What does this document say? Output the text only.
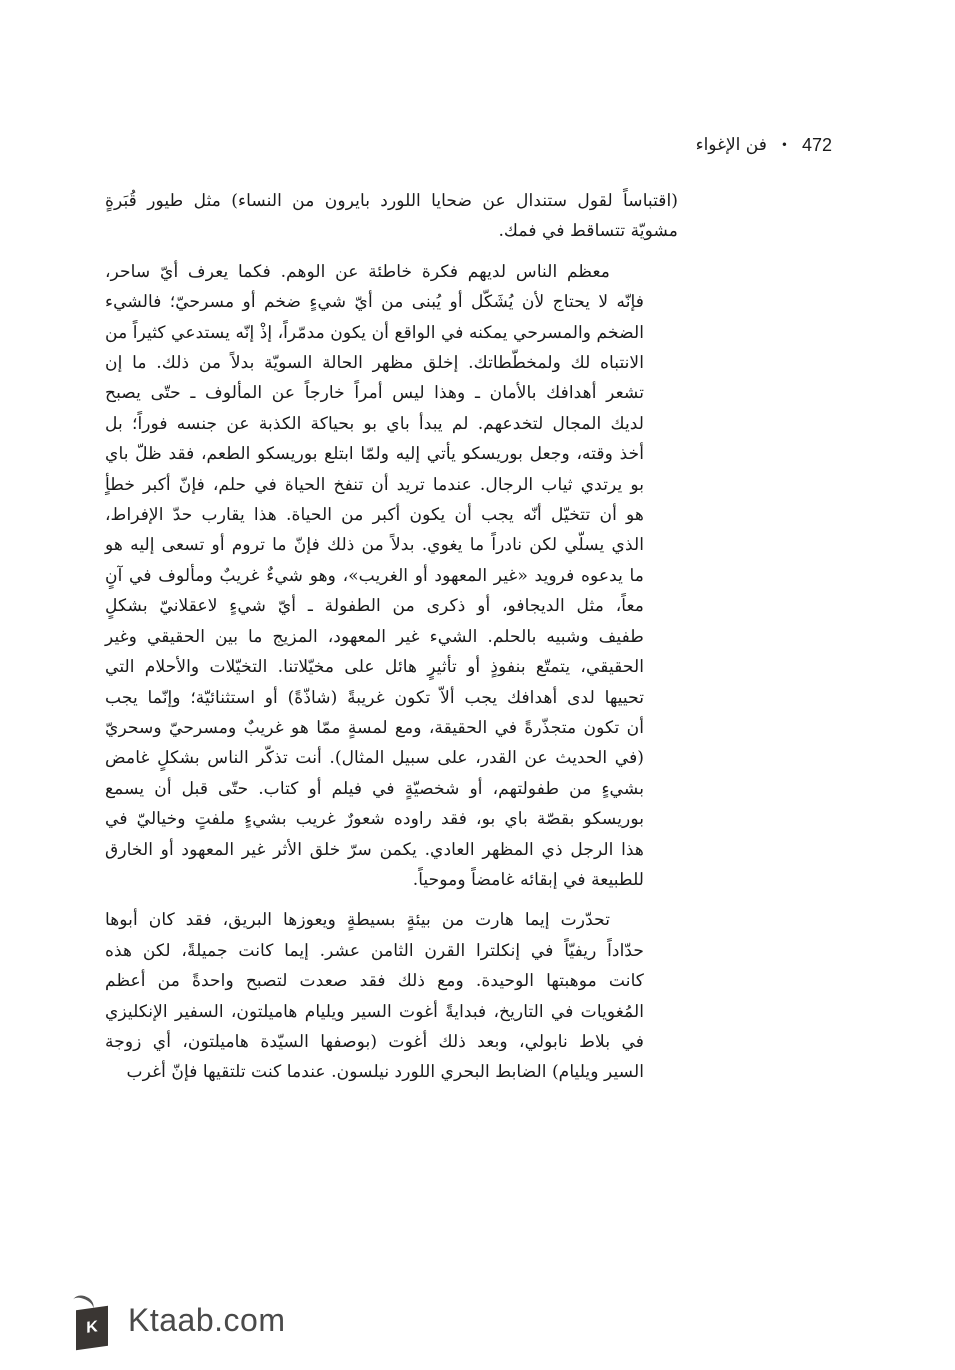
472
•
فن الإغواء

(اقتباساً لقول ستندال عن ضحايا اللورد بايرون من النساء) مثل طيور قُبَرةٍ
مشويّة تتساقط في فمك.

معظم الناس لديهم فكرة خاطئة عن الوهم. فكما يعرف أيّ ساحر،
فإنّه لا يحتاج لأن يُشَكّل أو يُبنى من أيّ شيءٍ ضخم أو مسرحيّ؛ فالشيء
الضخم والمسرحي يمكنه في الواقع أن يكون مدمّراً، إذْ إنّه يستدعي كثيراً من
الانتباه لك ولمخطّطاتك. إخلق مظهر الحالة السويّة بدلاً من ذلك. ما إن
تشعر أهدافك بالأمان ـ وهذا ليس أمراً خارجاً عن المألوف ـ حتّى يصبح
لديك المجال لتخدعهم. لم يبدأ باي بو بحياكة الكذبة عن جنسه فوراً؛ بل
أخذ وقته، وجعل بوريسكو يأتي إليه ولمّا ابتلع بوريسكو الطعم، فقد ظلّ باي
بو يرتدي ثياب الرجال. عندما تريد أن تنفخ الحياة في حلم، فإنّ أكبر خطأٍ
هو أن تتخيّل أنّه يجب أن يكون أكبر من الحياة. هذا يقارب حدّ الإفراط،
الذي يسلّي لكن نادراً ما يغوي. بدلاً من ذلك فإنّ ما تروم أو تسعى إليه هو
ما يدعوه فرويد «غير المعهود أو الغريب»، وهو شيءٌ غريبٌ ومألوف في آنٍ
معاً، مثل الديجافو، أو ذكرى من الطفولة ـ أيّ شيءٍ لاعقلانيّ بشكلٍ
طفيف وشبيه بالحلم. الشيء غير المعهود، المزيج ما بين الحقيقي وغير
الحقيقي، يتمتّع بنفوذٍ أو تأثيرٍ هائل على مخيّلاتنا. التخيّلات والأحلام التي
تحييها لدى أهدافك يجب ألاّ تكون غريبةً (شاذّةً) أو استثنائيّة؛ وإنّما يجب
أن تكون متجذّرةً في الحقيقة، ومع لمسةٍ ممّا هو غريبٌ ومسرحيّ وسحريّ
(في الحديث عن القدر، على سبيل المثال). أنت تذكّر الناس بشكلٍ غامض
بشيءٍ من طفولتهم، أو شخصيّةٍ في فيلم أو كتاب. حتّى قبل أن يسمع
بوريسكو بقصّة باي بو، فقد راوده شعورٌ غريب بشيءٍ ملفتٍ وخياليّ في
هذا الرجل ذي المظهر العادي. يكمن سرّ خلق الأثر غير المعهود أو الخارق
للطبيعة في إبقائه غامضاً وموحياً.

تحدّرت إيما هارت من بيئةٍ بسيطةٍ ويعوزها البريق، فقد كان أبوها
حدّاداً ريفيّاً في إنكلترا القرن الثامن عشر. إيما كانت جميلةً، لكن هذه
كانت موهبتها الوحيدة. ومع ذلك فقد صعدت لتصبح واحدةً من أعظم
المُغويات في التاريخ، فبدايةً أغوت السير ويليام هاميلتون، السفير الإنكليزي
في بلاط نابولي، وبعد ذلك أغوت (بوصفها السيّدة هاميلتون، أي زوجة
السير ويليام) الضابط البحري اللورد نيلسون. عندما كنت تلتقيها فإنّ أغرب

K Ktaab.com
